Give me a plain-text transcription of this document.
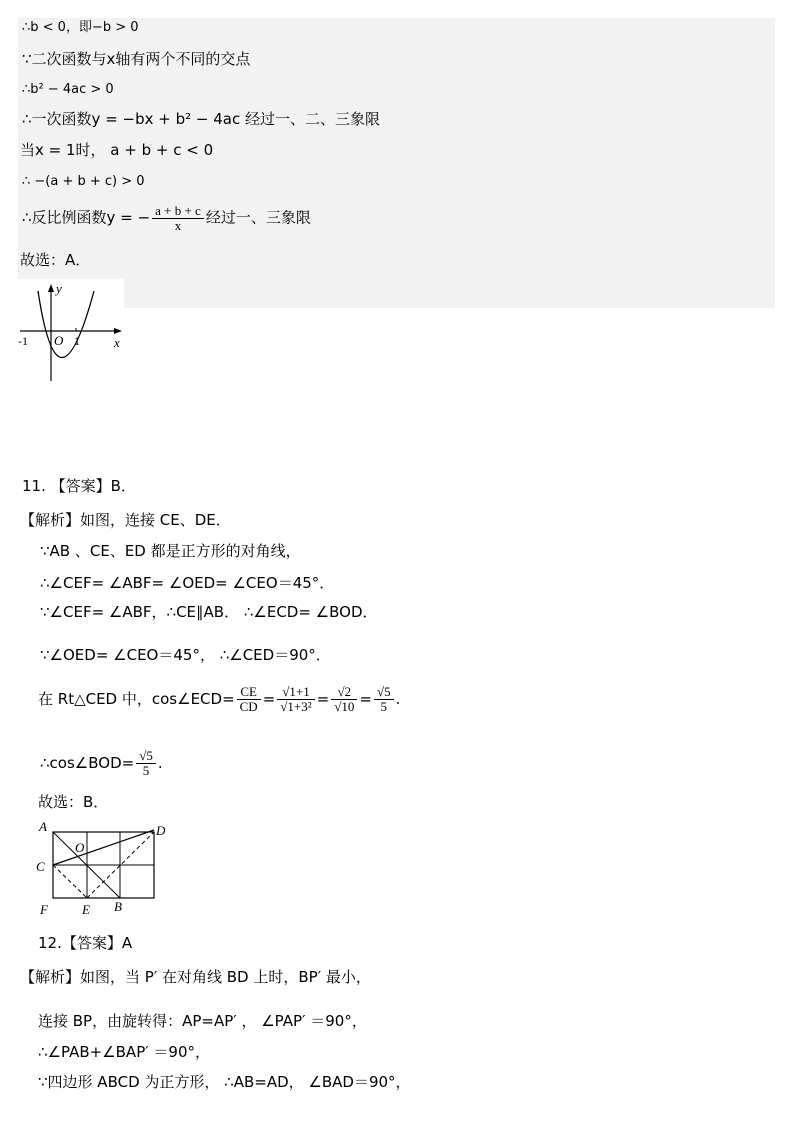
∴b < 0，即−b > 0
∵二次函数与x轴有两个不同的交点
∴b² − 4ac > 0
∴一次函数y = −bx + b² − 4ac 经过一、二、三象限
当x = 1时， a + b + c < 0
∴ −(a + b + c) > 0
∴反比例函数y = − $\frac{a + b + c}{x}$ 经过一、三象限
故选：A．
y
x
O
-1	1
11. 【答案】B．
【解析】如图，连接 CE、DE．
∵AB 、CE、ED 都是正方形的对角线，
∴∠CEF= ∠ABF= ∠OED= ∠CEO＝45°．
∵∠CEF= ∠ABF，∴CE∥AB． ∴∠ECD= ∠BOD．
∵∠OED= ∠CEO＝45°， ∴∠CED＝90°．
在 Rt△CED 中，cos∠ECD= $\frac{CE}{CD} = \frac{√1+1}{\text{√1+3²}} = \frac{√2}{√10} = \frac{√5}{5}$ .
∴cos∠BOD= $\frac{√5}{5}$ .
故选：B．
A	D
O
C
F	E B
12.【答案】A
【解析】如图，当 P′ 在对角线 BD 上时，BP′ 最小，
连接 BP，由旋转得：AP=AP′ ， ∠PAP′ ＝90°，
∴∠PAB+∠BAP′ ＝90°，
∵四边形 ABCD 为正方形， ∴AB=AD， ∠BAD＝90°，
